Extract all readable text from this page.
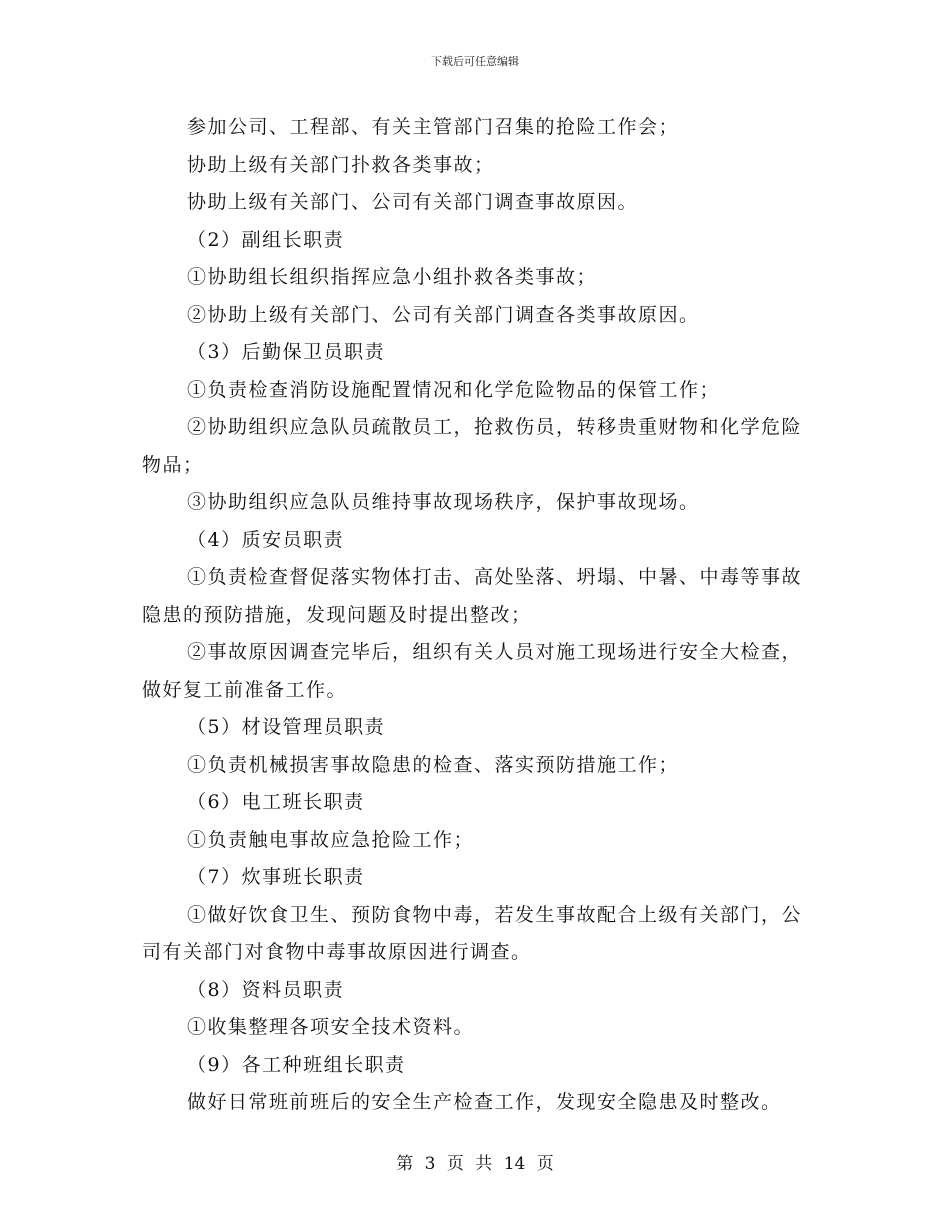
下载后可任意编辑

参加公司、工程部、有关主管部门召集的抢险工作会；

协助上级有关部门扑救各类事故；

协助上级有关部门、公司有关部门调查事故原因。

（2）副组长职责

①协助组长组织指挥应急小组扑救各类事故；

②协助上级有关部门、公司有关部门调查各类事故原因。

（3）后勤保卫员职责

①负责检查消防设施配置情况和化学危险物品的保管工作；

②协助组织应急队员疏散员工，抢救伤员，转移贵重财物和化学危险物品；

③协助组织应急队员维持事故现场秩序，保护事故现场。

（4）质安员职责

①负责检查督促落实物体打击、高处坠落、坍塌、中暑、中毒等事故隐患的预防措施，发现问题及时提出整改；

②事故原因调查完毕后，组织有关人员对施工现场进行安全大检查，做好复工前准备工作。

（5）材设管理员职责

①负责机械损害事故隐患的检查、落实预防措施工作；

（6）电工班长职责

①负责触电事故应急抢险工作；

（7）炊事班长职责

①做好饮食卫生、预防食物中毒，若发生事故配合上级有关部门，公司有关部门对食物中毒事故原因进行调查。

（8）资料员职责

①收集整理各项安全技术资料。

（9）各工种班组长职责

做好日常班前班后的安全生产检查工作，发现安全隐患及时整改。

第 3 页 共 14 页
